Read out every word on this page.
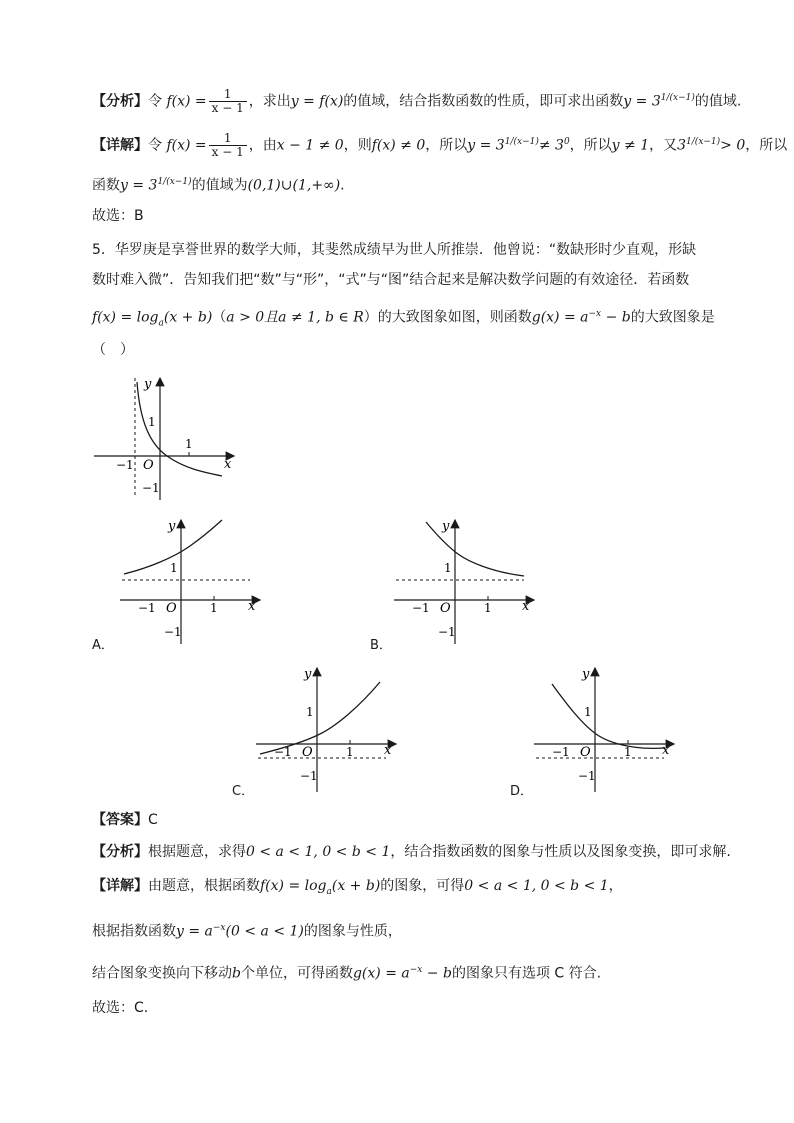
【分析】令 $f(x) = \frac{1}{x - 1}$ ，求出y = f(x)的值域，结合指数函数的性质，即可求出函数$y = 3^{1/(x-1)}$的值域.
【详解】令 $f(x) = \frac{1}{x - 1}$ ，由x − 1 ≠ 0，则f(x) ≠ 0，所以$y = 3^{1/(x-1)}\ne 3^0$，所以y ≠ 1，又$3^{1/(x-1)}> 0$，所以
函数$y = 3^{1/(x-1)}$的值域为(0,1)∪(1,+∞).
故选：B
5．华罗庚是享誉世界的数学大师，其斐然成绩早为世人所推崇．他曾说：“数缺形时少直观，形缺
数时难入微”．告知我们把“数”与“形”，“式”与“图”结合起来是解决数学问题的有效途径．若函数
$f(x) = \log_a(x + b)(a > 0$且a ≠ 1, b ∈ R）的大致图象如图，则函数$g(x) = a^{-x} - b$的大致图象是
（　）
y
x
O
1
1
−1
−1
y
x
O
1
1
−1
−1
A．
y
x
O
1
1
−1
−1
B．
y
x
O
1
1
−1
−1
C．
y
x
O
1
1
−1
−1
D．
【答案】C
【分析】根据题意，求得0 < a < 1, 0 < b < 1，结合指数函数的图象与性质以及图象变换，即可求解.
【详解】由题意，根据函数$f(x) = \log_a(x + b)$的图象，可得0 < a < 1, 0 < b < 1，
根据指数函数$y = a^{-x}(0 < a < 1)$的图象与性质，
结合图象变换向下移动b个单位，可得函数$g(x) = a^{-x} - b$的图象只有选项 C 符合.
故选：C.
